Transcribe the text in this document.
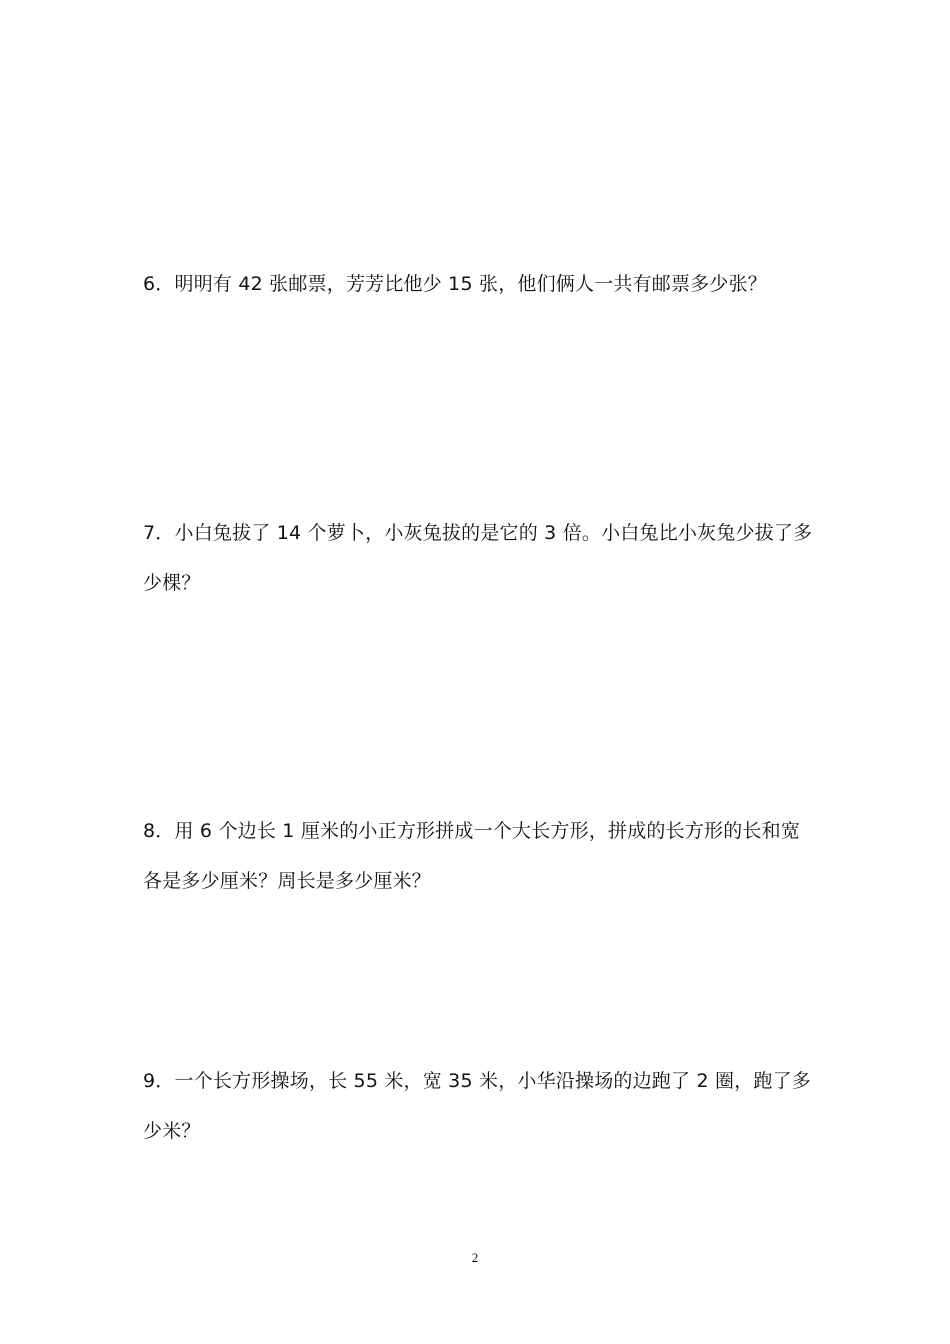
6．明明有 42 张邮票，芳芳比他少 15 张，他们俩人一共有邮票多少张？

7．小白兔拔了 14 个萝卜，小灰兔拔的是它的 3 倍。小白兔比小灰兔少拔了多少棵？

8．用 6 个边长 1 厘米的小正方形拼成一个大长方形，拼成的长方形的长和宽各是多少厘米？周长是多少厘米？

9．一个长方形操场，长 55 米，宽 35 米，小华沿操场的边跑了 2 圈，跑了多少米？

2
